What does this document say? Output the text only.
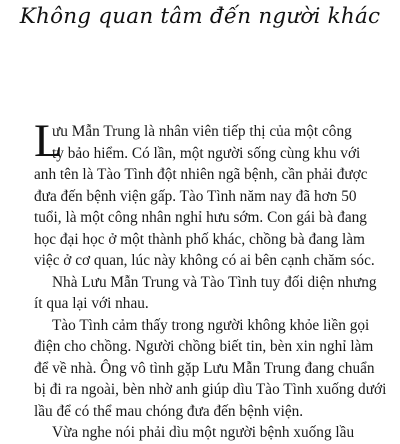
Không quan tâm đến người khác
L
ưu Mẫn Trung là nhân viên tiếp thị của một công
ty bảo hiểm. Có lần, một người sống cùng khu với
anh tên là Tào Tình đột nhiên ngã bệnh, cần phải được
đưa đến bệnh viện gấp. Tào Tình năm nay đã hơn 50
tuổi, là một công nhân nghỉ hưu sớm. Con gái bà đang
học đại học ở một thành phố khác, chồng bà đang làm
việc ở cơ quan, lúc này không có ai bên cạnh chăm sóc.
Nhà Lưu Mẫn Trung và Tào Tình tuy đối diện nhưng
ít qua lại với nhau.
Tào Tình cảm thấy trong người không khỏe liền gọi
điện cho chồng. Người chồng biết tin, bèn xin nghỉ làm
để về nhà. Ông vô tình gặp Lưu Mẫn Trung đang chuẩn
bị đi ra ngoài, bèn nhờ anh giúp dìu Tào Tình xuống dưới
lầu để có thể mau chóng đưa đến bệnh viện.
Vừa nghe nói phải dìu một người bệnh xuống lầu
